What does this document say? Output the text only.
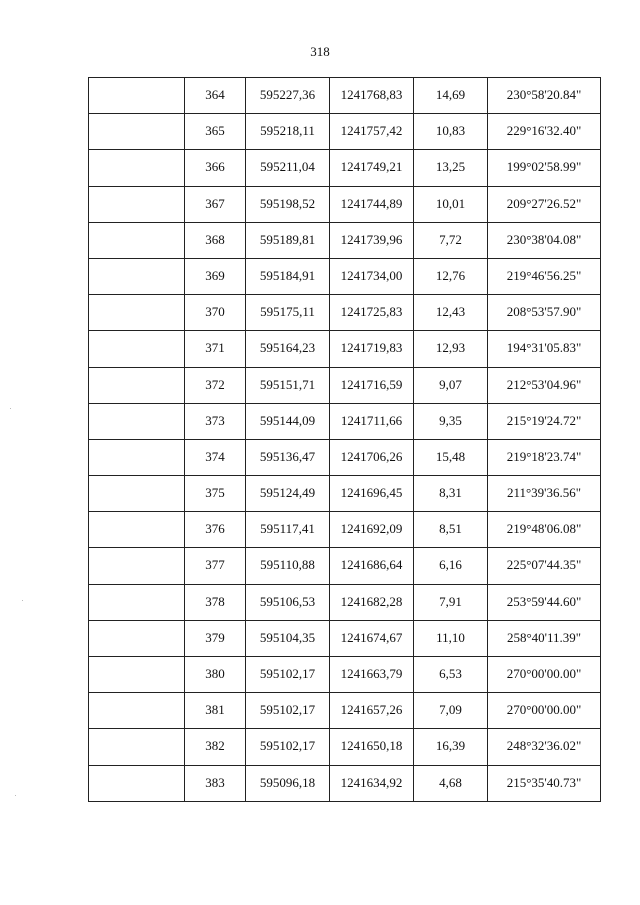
318
	364	595227,36	1241768,83	14,69	230°58'20.84"
	365	595218,11	1241757,42	10,83	229°16'32.40"
	366	595211,04	1241749,21	13,25	199°02'58.99"
	367	595198,52	1241744,89	10,01	209°27'26.52"
	368	595189,81	1241739,96	7,72	230°38'04.08"
	369	595184,91	1241734,00	12,76	219°46'56.25"
	370	595175,11	1241725,83	12,43	208°53'57.90"
	371	595164,23	1241719,83	12,93	194°31'05.83"
	372	595151,71	1241716,59	9,07	212°53'04.96"
	373	595144,09	1241711,66	9,35	215°19'24.72"
	374	595136,47	1241706,26	15,48	219°18'23.74"
	375	595124,49	1241696,45	8,31	211°39'36.56"
	376	595117,41	1241692,09	8,51	219°48'06.08"
	377	595110,88	1241686,64	6,16	225°07'44.35"
	378	595106,53	1241682,28	7,91	253°59'44.60"
	379	595104,35	1241674,67	11,10	258°40'11.39"
	380	595102,17	1241663,79	6,53	270°00'00.00"
	381	595102,17	1241657,26	7,09	270°00'00.00"
	382	595102,17	1241650,18	16,39	248°32'36.02"
	383	595096,18	1241634,92	4,68	215°35'40.73"
